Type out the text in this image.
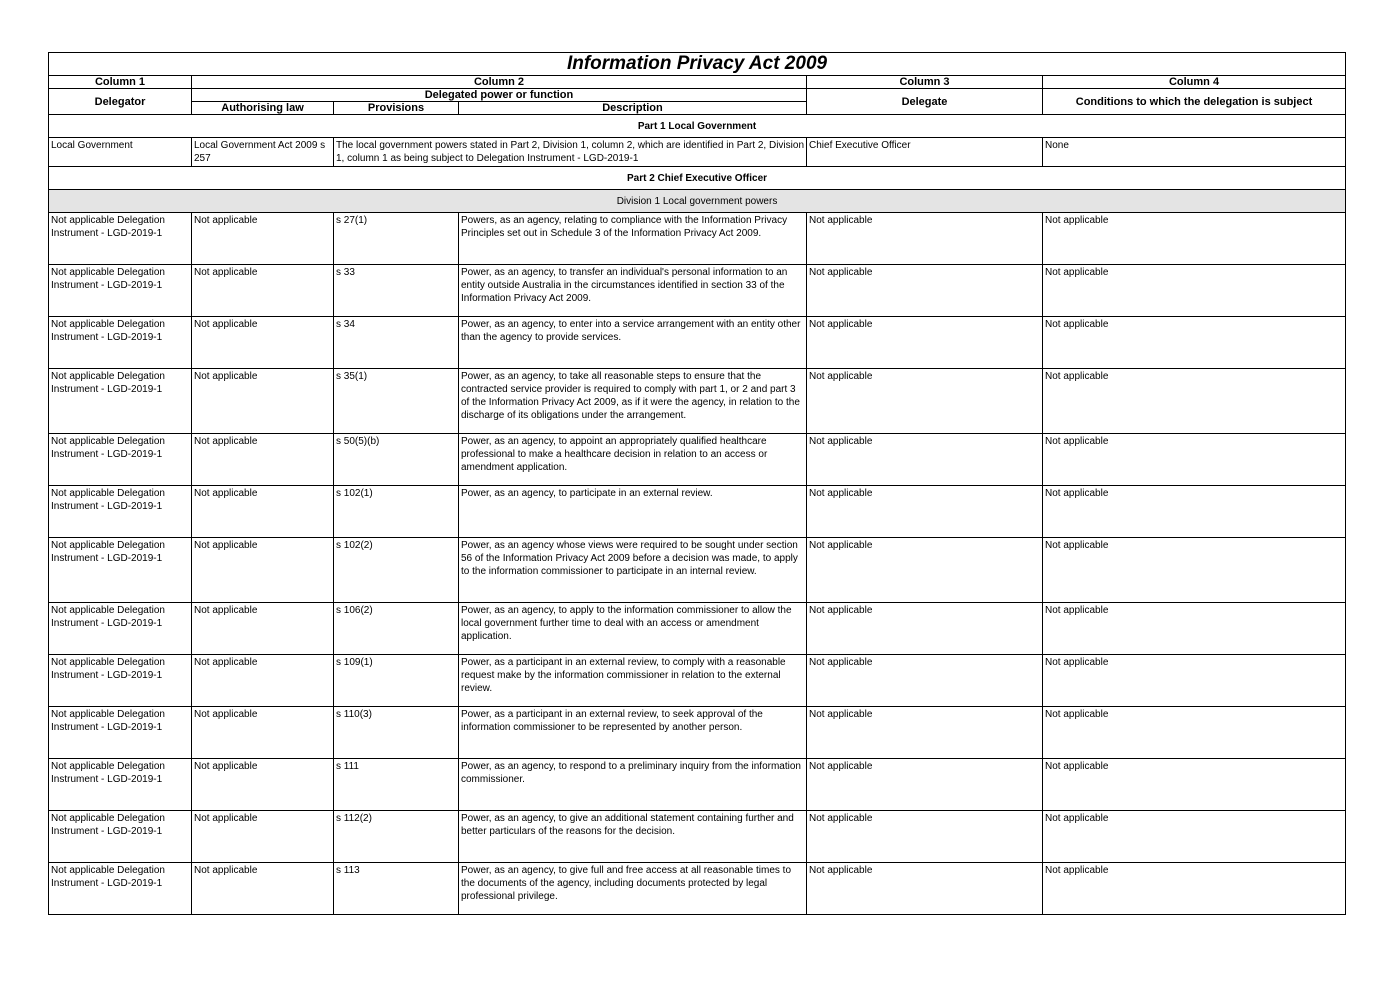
Information Privacy Act 2009					
Column 1	Column 2			Column 3	Column 4
Delegator	Delegated power or function			Delegate	Conditions to which the delegation is subject
	Authorising law	Provisions	Description		
Part 1 Local Government					
Local Government	Local Government Act 2009 s 257	The local government powers stated in Part 2, Division 1, column 2, which are identified in Part 2, Division 1, column 1 as being subject to Delegation Instrument - LGD-2019-1		Chief Executive Officer	None
Part 2 Chief Executive Officer					
Division 1 Local government powers					
Not applicable Delegation Instrument - LGD-2019-1	Not applicable	s 27(1)	Powers, as an agency, relating to compliance with the Information Privacy Principles set out in Schedule 3 of the Information Privacy Act 2009.	Not applicable	Not applicable
Not applicable Delegation Instrument - LGD-2019-1	Not applicable	s 33	Power, as an agency, to transfer an individual's personal information to an entity outside Australia in the circumstances identified in section 33 of the Information Privacy Act 2009.	Not applicable	Not applicable
Not applicable Delegation Instrument - LGD-2019-1	Not applicable	s 34	Power, as an agency, to enter into a service arrangement with an entity other than the agency to provide services.	Not applicable	Not applicable
Not applicable Delegation Instrument - LGD-2019-1	Not applicable	s 35(1)	Power, as an agency, to take all reasonable steps to ensure that the contracted service provider is required to comply with part 1, or 2 and part 3 of the Information Privacy Act 2009, as if it were the agency, in relation to the discharge of its obligations under the arrangement.	Not applicable	Not applicable
Not applicable Delegation Instrument - LGD-2019-1	Not applicable	s 50(5)(b)	Power, as an agency, to appoint an appropriately qualified healthcare professional to make a healthcare decision in relation to an access or amendment application.	Not applicable	Not applicable
Not applicable Delegation Instrument - LGD-2019-1	Not applicable	s 102(1)	Power, as an agency, to participate in an external review.	Not applicable	Not applicable
Not applicable Delegation Instrument - LGD-2019-1	Not applicable	s 102(2)	Power, as an agency whose views were required to be sought under section 56 of the Information Privacy Act 2009 before a decision was made, to apply to the information commissioner to participate in an internal review.	Not applicable	Not applicable
Not applicable Delegation Instrument - LGD-2019-1	Not applicable	s 106(2)	Power, as an agency, to apply to the information commissioner to allow the local government further time to deal with an access or amendment application.	Not applicable	Not applicable
Not applicable Delegation Instrument - LGD-2019-1	Not applicable	s 109(1)	Power, as a participant in an external review, to comply with a reasonable request make by the information commissioner in relation to the external review.	Not applicable	Not applicable
Not applicable Delegation Instrument - LGD-2019-1	Not applicable	s 110(3)	Power, as a participant in an external review, to seek approval of the information commissioner to be represented by another person.	Not applicable	Not applicable
Not applicable Delegation Instrument - LGD-2019-1	Not applicable	s 111	Power, as an agency, to respond to a preliminary inquiry from the information commissioner.	Not applicable	Not applicable
Not applicable Delegation Instrument - LGD-2019-1	Not applicable	s 112(2)	Power, as an agency, to give an additional statement containing further and better particulars of the reasons for the decision.	Not applicable	Not applicable
Not applicable Delegation Instrument - LGD-2019-1	Not applicable	s 113	Power, as an agency, to give full and free access at all reasonable times to the documents of the agency, including documents protected by legal professional privilege.	Not applicable	Not applicable
